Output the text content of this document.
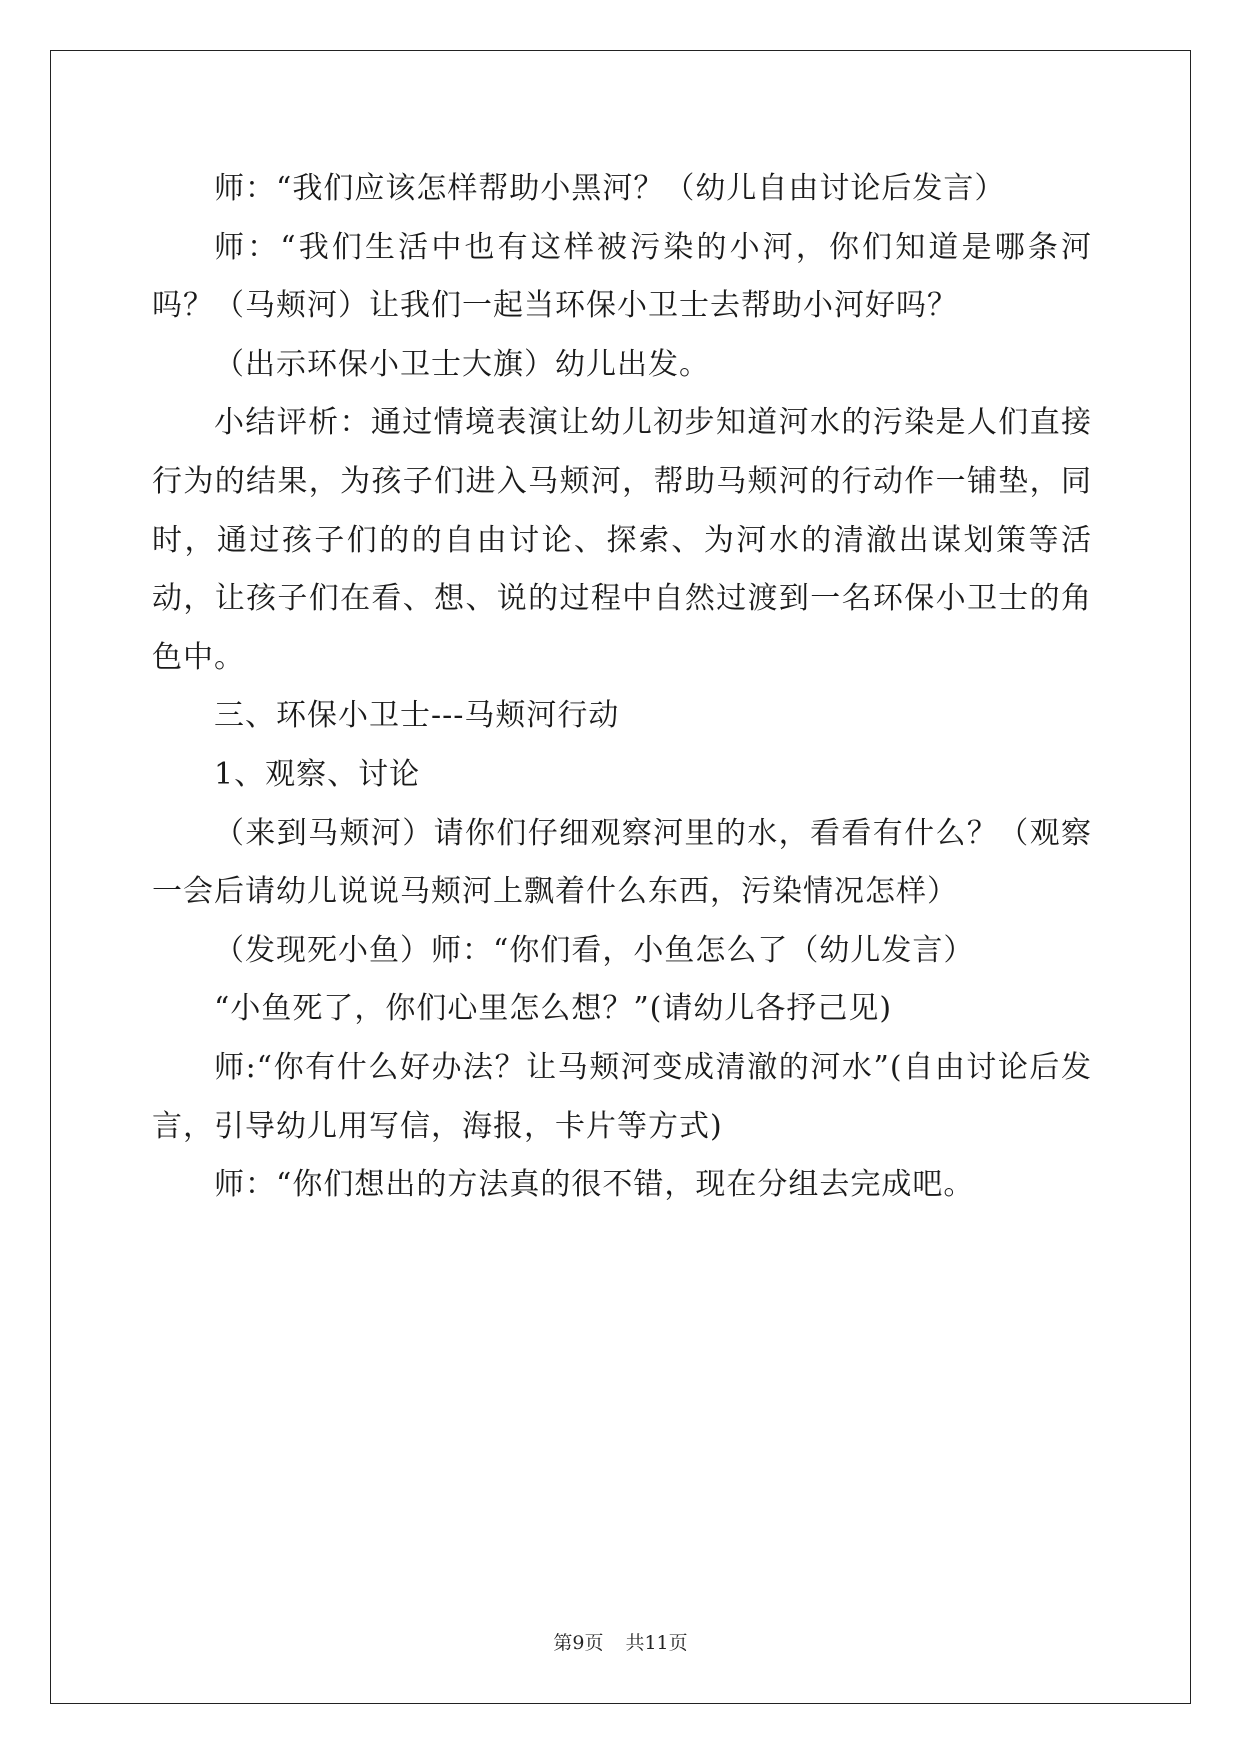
师：“我们应该怎样帮助小黑河？（幼儿自由讨论后发言）

师：“我们生活中也有这样被污染的小河，你们知道是哪条河吗？（马颊河）让我们一起当环保小卫士去帮助小河好吗？

（出示环保小卫士大旗）幼儿出发。

小结评析：通过情境表演让幼儿初步知道河水的污染是人们直接行为的结果，为孩子们进入马颊河，帮助马颊河的行动作一铺垫，同时，通过孩子们的的自由讨论、探索、为河水的清澈出谋划策等活动，让孩子们在看、想、说的过程中自然过渡到一名环保小卫士的角色中。

三、环保小卫士---马颊河行动

1、观察、讨论

（来到马颊河）请你们仔细观察河里的水，看看有什么？（观察一会后请幼儿说说马颊河上飘着什么东西，污染情况怎样）

（发现死小鱼）师：“你们看，小鱼怎么了（幼儿发言）

“小鱼死了，你们心里怎么想？”(请幼儿各抒己见)

师:“你有什么好办法？让马颊河变成清澈的河水”(自由讨论后发言，引导幼儿用写信，海报，卡片等方式)

师：“你们想出的方法真的很不错，现在分组去完成吧。

第9页 共11页
